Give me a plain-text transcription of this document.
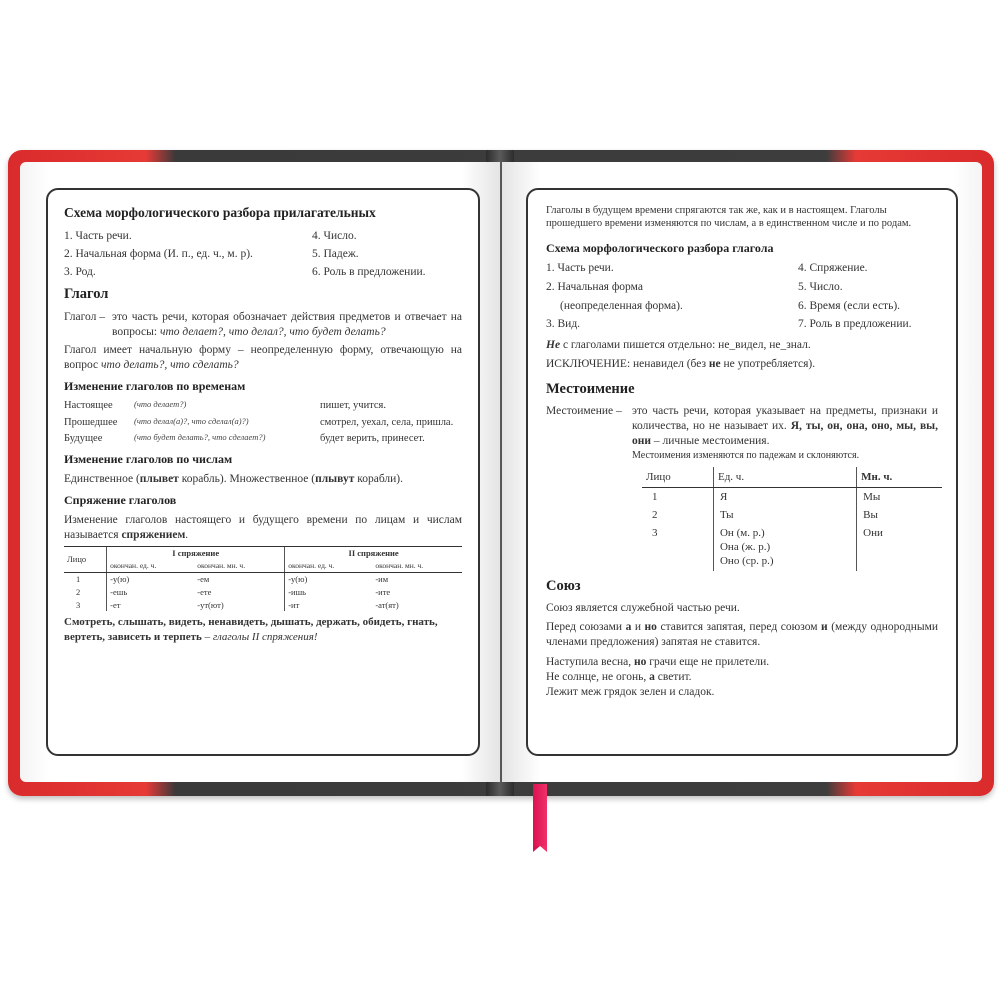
Схема морфологического разбора прилагательных
1. Часть речи.	4. Число.
2. Начальная форма (И. п., ед. ч., м. р).	5. Падеж.
3. Род.	6. Роль в предложении.
Глагол
Глагол – это часть речи, которая обозначает действия предметов и отвечает на вопросы: что делает?, что делал?, что будет делать?

Глагол имеет начальную форму – неопределенную форму, отвечающую на вопрос что делать?, что сделать?

Изменение глаголов по временам
Настоящее	(что делает?)	пишет, учится.
Прошедшее	(что делал(а)?, что сделал(а)?)	смотрел, уехал, села, пришла.
Будущее	(что будет делать?, что сделает?)	будет верить, принесет.
Изменение глаголов по числам

Единственное (плывет корабль). Множественное (плывут корабли).

Спряжение глаголов

Изменение глаголов настоящего и будущего времени по лицам и числам называется спряжением.

Лицо	I спряжение		II спряжение	
	окончан. ед. ч.	окончан. мн. ч.	окончан. ед. ч.	окончан. мн. ч.
1	-у(ю)	-ем	-у(ю)	-им
2	-ешь	-ете	-ишь	-ите
3	-ет	-ут(ют)	-ит	-ат(ят)

Смотреть, слышать, видеть, ненавидеть, дышать, держать, обидеть, гнать, вертеть, зависеть и терпеть – глаголы II спряжения!

Глаголы в будущем времени спрягаются так же, как и в настоящем. Глаголы прошедшего времени изменяются по числам, а в единственном числе и по родам.

Схема морфологического разбора глагола
1. Часть речи.	4. Спряжение.
2. Начальная форма	5. Число.
(неопределенная форма).	6. Время (если есть).
3. Вид.	7. Роль в предложении.

Не с глаголами пишется отдельно: не_видел, не_знал.

ИСКЛЮЧЕНИЕ: ненавидел (без не не употребляется).

Местоимение
Местоимение – это часть речи, которая указывает на предметы, признаки и количества, но не называет их. Я, ты, он, она, оно, мы, вы, они – личные местоимения.
Местоимения изменяются по падежам и склоняются.
Лицо	Ед. ч.	Мн. ч.
1	Я	Мы
2	Ты	Вы
3	Он (м. р.)
Она (ж. р.)
Оно (ср. р.)	Они
Союз

Союз является служебной частью речи.

Перед союзами а и но ставится запятая, перед союзом и (между однородными членами предложения) запятая не ставится.

Наступила весна, но грачи еще не прилетели.
Не солнце, не огонь, а светит.
Лежит меж грядок зелен и сладок.
